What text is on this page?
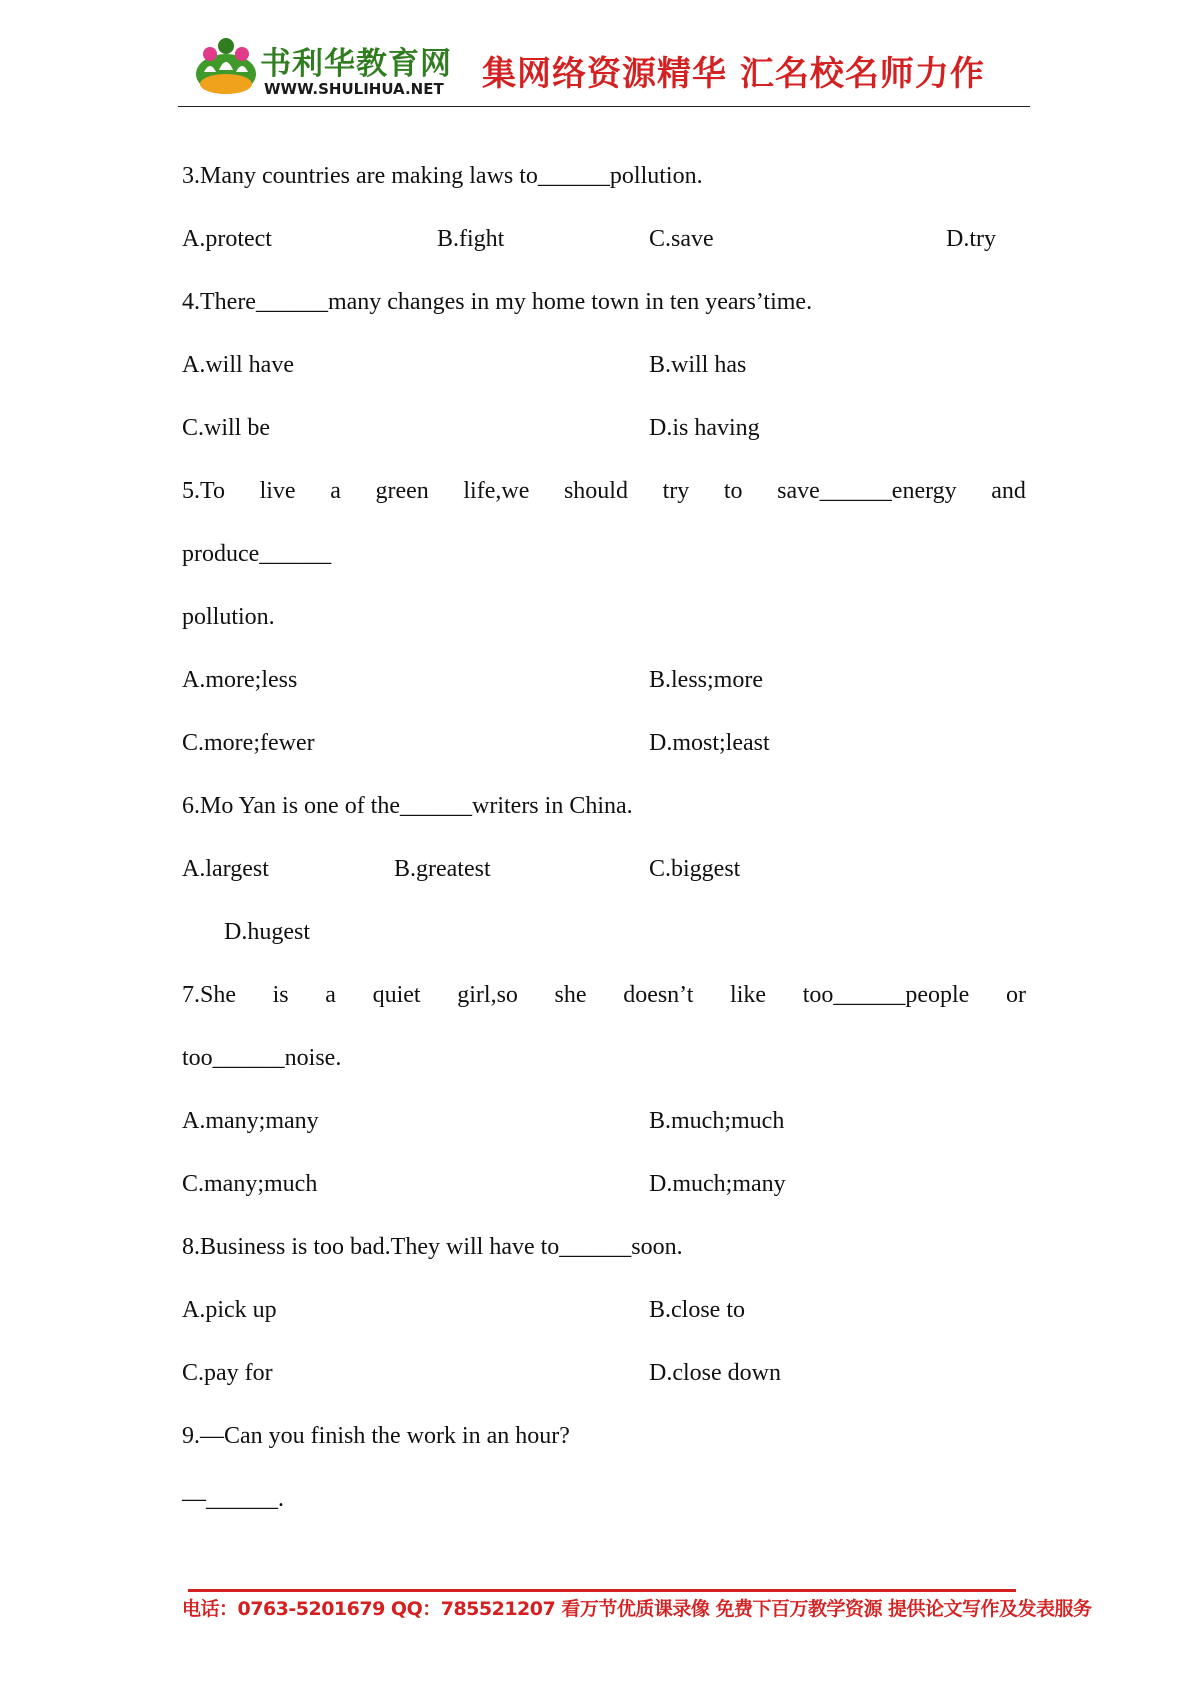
书利华教育网
WWW.SHULIHUA.NET 集网络资源精华 汇名校名师力作
3.Many countries are making laws to______pollution.
A.protect	B.fight	C.save	D.try
4.There______many changes in my home town in ten years’time.
A.will have	B.will has
C.will be	D.is having
5.To live a green life,we should try to save______energy and
produce______
pollution.
A.more;less	B.less;more
C.more;fewer	D.most;least
6.Mo Yan is one of the______writers in China.
A.largest	B.greatest	C.biggest
D.hugest
7.She is a quiet girl,so she doesn’t like too______people or
too______noise.
A.many;many	B.much;much
C.many;much	D.much;many
8.Business is too bad.They will have to______soon.
A.pick up	B.close to
C.pay for	D.close down
9.—Can you finish the work in an hour?
—______.
电话：0763-5201679 QQ：785521207 看万节优质课录像 免费下百万教学资源 提供论文写作及发表服务
